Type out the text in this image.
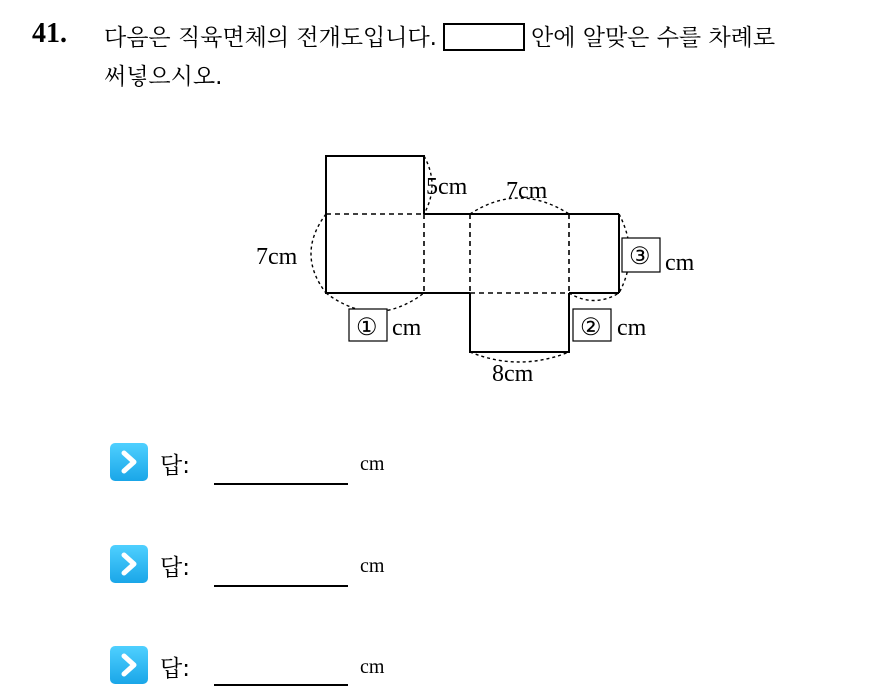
41. 다음은 직육면체의 전개도입니다.	안에 알맞은 수를 차례로
써넣으시오.
5cm 7cm
7cm
8cm
① cm	② cm
③ cm
답:	cm
답:	cm
답:	cm
